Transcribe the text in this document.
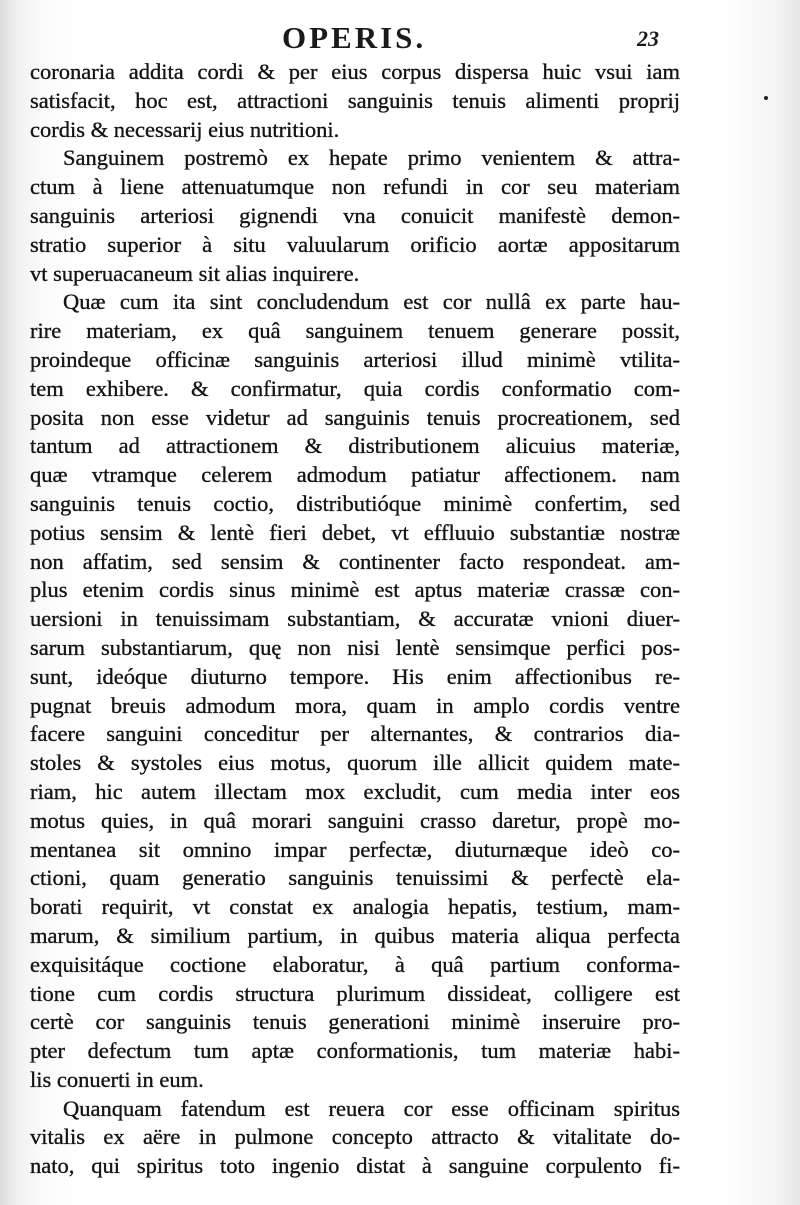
OPERIS.	23
coronaria addita cordi & per eius corpus dispersa huic vsui iam
satisfacit, hoc est, attractioni sanguinis tenuis alimenti proprij
cordis & necessarij eius nutritioni.
Sanguinem postremò ex hepate primo venientem & attra-
ctum à liene attenuatumque non refundi in cor seu materiam
sanguinis arteriosi gignendi vna conuicit manifestè demon-
stratio superior à situ valuularum orificio aortæ appositarum
vt superuacaneum sit alias inquirere.
Quæ cum ita sint concludendum est cor nullâ ex parte hau-
rire materiam, ex quâ sanguinem tenuem generare possit,
proindeque officinæ sanguinis arteriosi illud minimè vtilita-
tem exhibere. & confirmatur, quia cordis conformatio com-
posita non esse videtur ad sanguinis tenuis procreationem, sed
tantum ad attractionem & distributionem alicuius materiæ,
quæ vtramque celerem admodum patiatur affectionem. nam
sanguinis tenuis coctio, distributióque minimè confertim, sed
potius sensim & lentè fieri debet, vt effluuio substantiæ nostræ
non affatim, sed sensim & continenter facto respondeat. am-
plus etenim cordis sinus minimè est aptus materiæ crassæ con-
uersioni in tenuissimam substantiam, & accuratæ vnioni diuer-
sarum substantiarum, quę non nisi lentè sensimque perfici pos-
sunt, ideóque diuturno tempore. His enim affectionibus re-
pugnat breuis admodum mora, quam in amplo cordis ventre
facere sanguini conceditur per alternantes, & contrarios dia-
stoles & systoles eius motus, quorum ille allicit quidem mate-
riam, hic autem illectam mox excludit, cum media inter eos
motus quies, in quâ morari sanguini crasso daretur, propè mo-
mentanea sit omnino impar perfectæ, diuturnæque ideò co-
ctioni, quam generatio sanguinis tenuissimi & perfectè ela-
borati requirit, vt constat ex analogia hepatis, testium, mam-
marum, & similium partium, in quibus materia aliqua perfecta
exquisitáque coctione elaboratur, à quâ partium conforma-
tione cum cordis structura plurimum dissideat, colligere est
certè cor sanguinis tenuis generationi minimè inseruire pro-
pter defectum tum aptæ conformationis, tum materiæ habi-
lis conuerti in eum.
Quanquam fatendum est reuera cor esse officinam spiritus
vitalis ex aëre in pulmone concepto attracto & vitalitate do-
nato, qui spiritus toto ingenio distat à sanguine corpulento fi-
